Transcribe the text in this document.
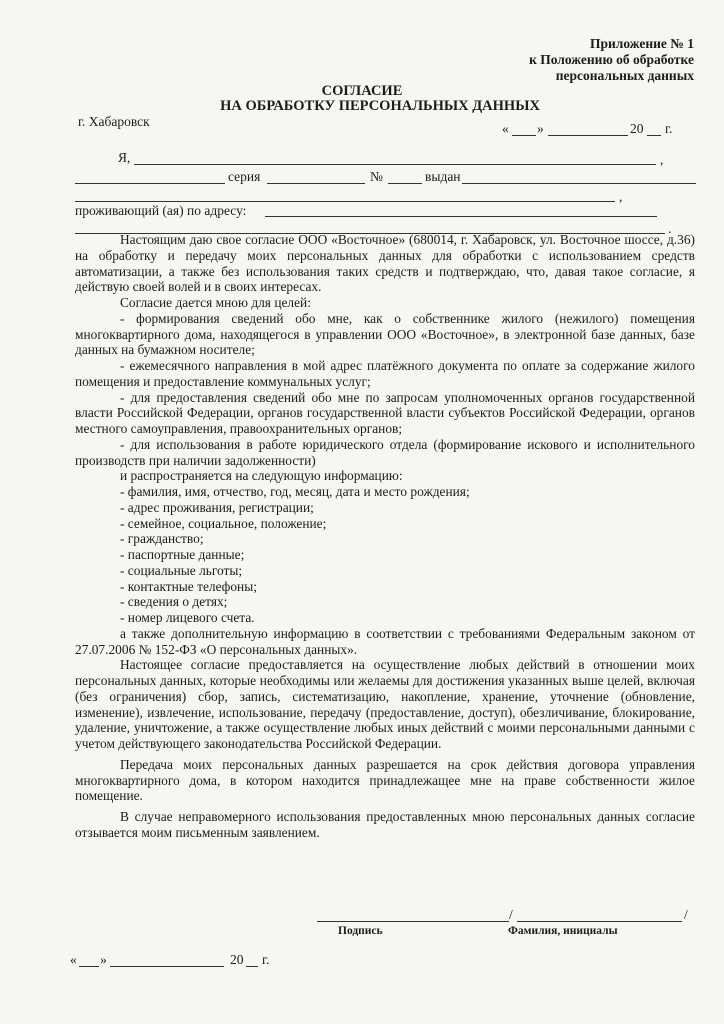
Приложение № 1
к Положению об обработке
персональных данных
СОГЛАСИЕ
НА ОБРАБОТКУ ПЕРСОНАЛЬНЫХ ДАННЫХ
г. Хабаровск	« »	20 г.
Я,	,
серия	№	выдан
,
проживающий (ая) по адресу:
.

Настоящим даю свое согласие ООО «Восточное» (680014, г. Хабаровск, ул. Восточное шоссе, д.36) на обработку и передачу моих персональных данных для обработки с использованием средств автоматизации, а также без использования таких средств и подтверждаю, что, давая такое согласие, я действую своей волей и в своих интересах.

Согласие дается мною для целей:

- формирования сведений обо мне, как о собственнике жилого (нежилого) помещения многоквартирного дома, находящегося в управлении ООО «Восточное», в электронной базе данных, базе данных на бумажном носителе;

- ежемесячного направления в мой адрес платёжного документа по оплате за содержание жилого помещения и предоставление коммунальных услуг;

- для предоставления сведений обо мне по запросам уполномоченных органов государственной власти Российской Федерации, органов государственной власти субъектов Российской Федерации, органов местного самоуправления, правоохранительных органов;

- для использования в работе юридического отдела (формирование искового и исполнительного производств при наличии задолженности)

и распространяется на следующую информацию:

- фамилия, имя, отчество, год, месяц, дата и место рождения;

- адрес проживания, регистрации;

- семейное, социальное, положение;

- гражданство;

- паспортные данные;

- социальные льготы;

- контактные телефоны;

- сведения о детях;

- номер лицевого счета.

а также дополнительную информацию в соответствии с требованиями Федеральным законом от 27.07.2006 № 152-ФЗ «О персональных данных».

Настоящее согласие предоставляется на осуществление любых действий в отношении моих персональных данных, которые необходимы или желаемы для достижения указанных выше целей, включая (без ограничения) сбор, запись, систематизацию, накопление, хранение, уточнение (обновление, изменение), извлечение, использование, передачу (предоставление, доступ), обезличивание, блокирование, удаление, уничтожение, а также осуществление любых иных действий с моими персональными данными с учетом действующего законодательства Российской Федерации.

Передача моих персональных данных разрешается на срок действия договора управления многоквартирного дома, в котором находится принадлежащее мне на праве собственности жилое помещение.

В случае неправомерного использования предоставленных мною персональных данных согласие отзывается моим письменным заявлением.

/	/
Подпись	Фамилия, инициалы
« »	20 г.
